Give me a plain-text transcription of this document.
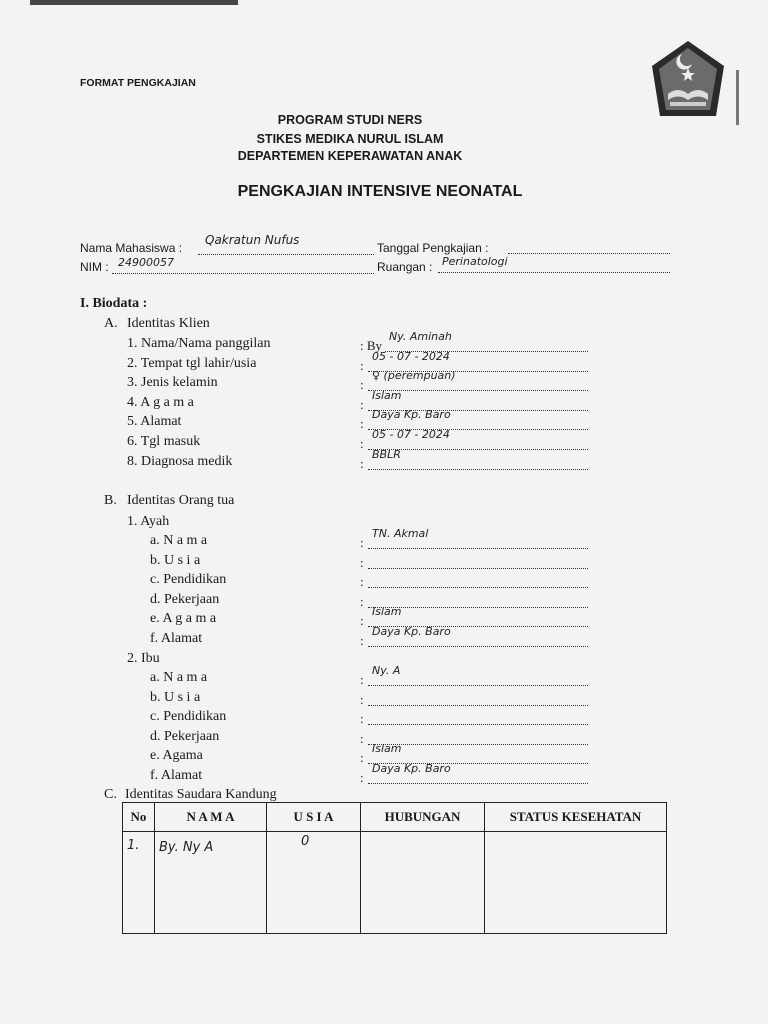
FORMAT PENGKAJIAN
PROGRAM STUDI NERS
STIKES MEDIKA NURUL ISLAM
DEPARTEMEN KEPERAWATAN ANAK
PENGKAJIAN INTENSIVE NEONATAL
Nama Mahasiswa :
Qakratun Nufus
Tanggal Pengkajian :
NIM : 24900057	Ruangan : Perinatologi
I. Biodata :
A. Identitas Klien
1. Nama/Nama panggilan	: By
Ny. Aminah
2. Tempat tgl lahir/usia	:
05 - 07 - 2024
3. Jenis kelamin	:
♀ (perempuan)
4. A g a m a	:
Islam
5. Alamat	:
Daya Kp. Baro
6. Tgl masuk	:
05 - 07 - 2024
8. Diagnosa medik	:
BBLR
B. Identitas Orang tua
1. Ayah
a. N a m a	:
TN. Akmal
b. U s i a	:
c. Pendidikan	:
d. Pekerjaan	:
e. A g a m a	:
Islam
f. Alamat	:
Daya Kp. Baro
2. Ibu
a. N a m a	:
Ny. A
b. U s i a	:
c. Pendidikan	:
d. Pekerjaan	:
e. Agama	:
Islam
f. Alamat	:
Daya Kp. Baro
C. Identitas Saudara Kandung
No	N A M A	U S I A	HUBUNGAN	STATUS KESEHATAN
1.	By. Ny A	0		
